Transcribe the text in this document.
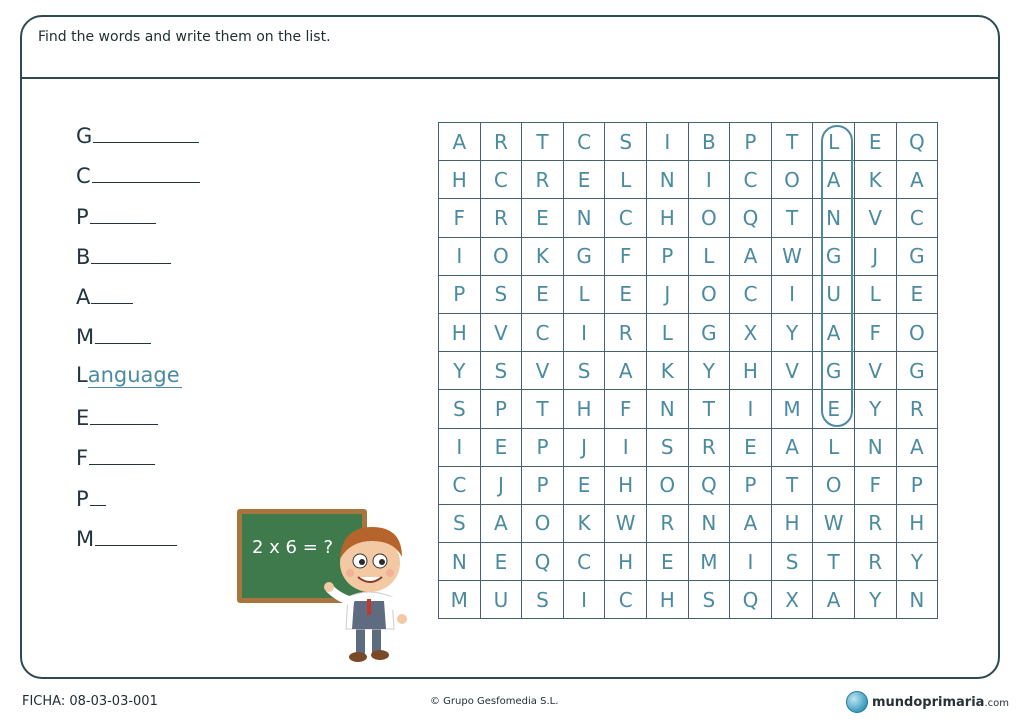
Find the words and write them on the list.
G
C
P
B
A
M
Language
E
F
P
M
A	R	T	C	S	I	B	P	T	L	E	Q
H	C	R	E	L	N	I	C	O	A	K	A
F	R	E	N	C	H	O	Q	T	N	V	C
I	O	K	G	F	P	L	A	W	G	J	G
P	S	E	L	E	J	O	C	I	U	L	E
H	V	C	I	R	L	G	X	Y	A	F	O
Y	S	V	S	A	K	Y	H	V	G	V	G
S	P	T	H	F	N	T	I	M	E	Y	R
I	E	P	J	I	S	R	E	A	L	N	A
C	J	P	E	H	O	Q	P	T	O	F	P
S	A	O	K	W	R	N	A	H	W	R	H
N	E	Q	C	H	E	M	I	S	T	R	Y
M	U	S	I	C	H	S	Q	X	A	Y	N
2 x 6 = ?
FICHA: 08-03-03-001	© Grupo Gesfomedia S.L.	mundoprimaria.com
